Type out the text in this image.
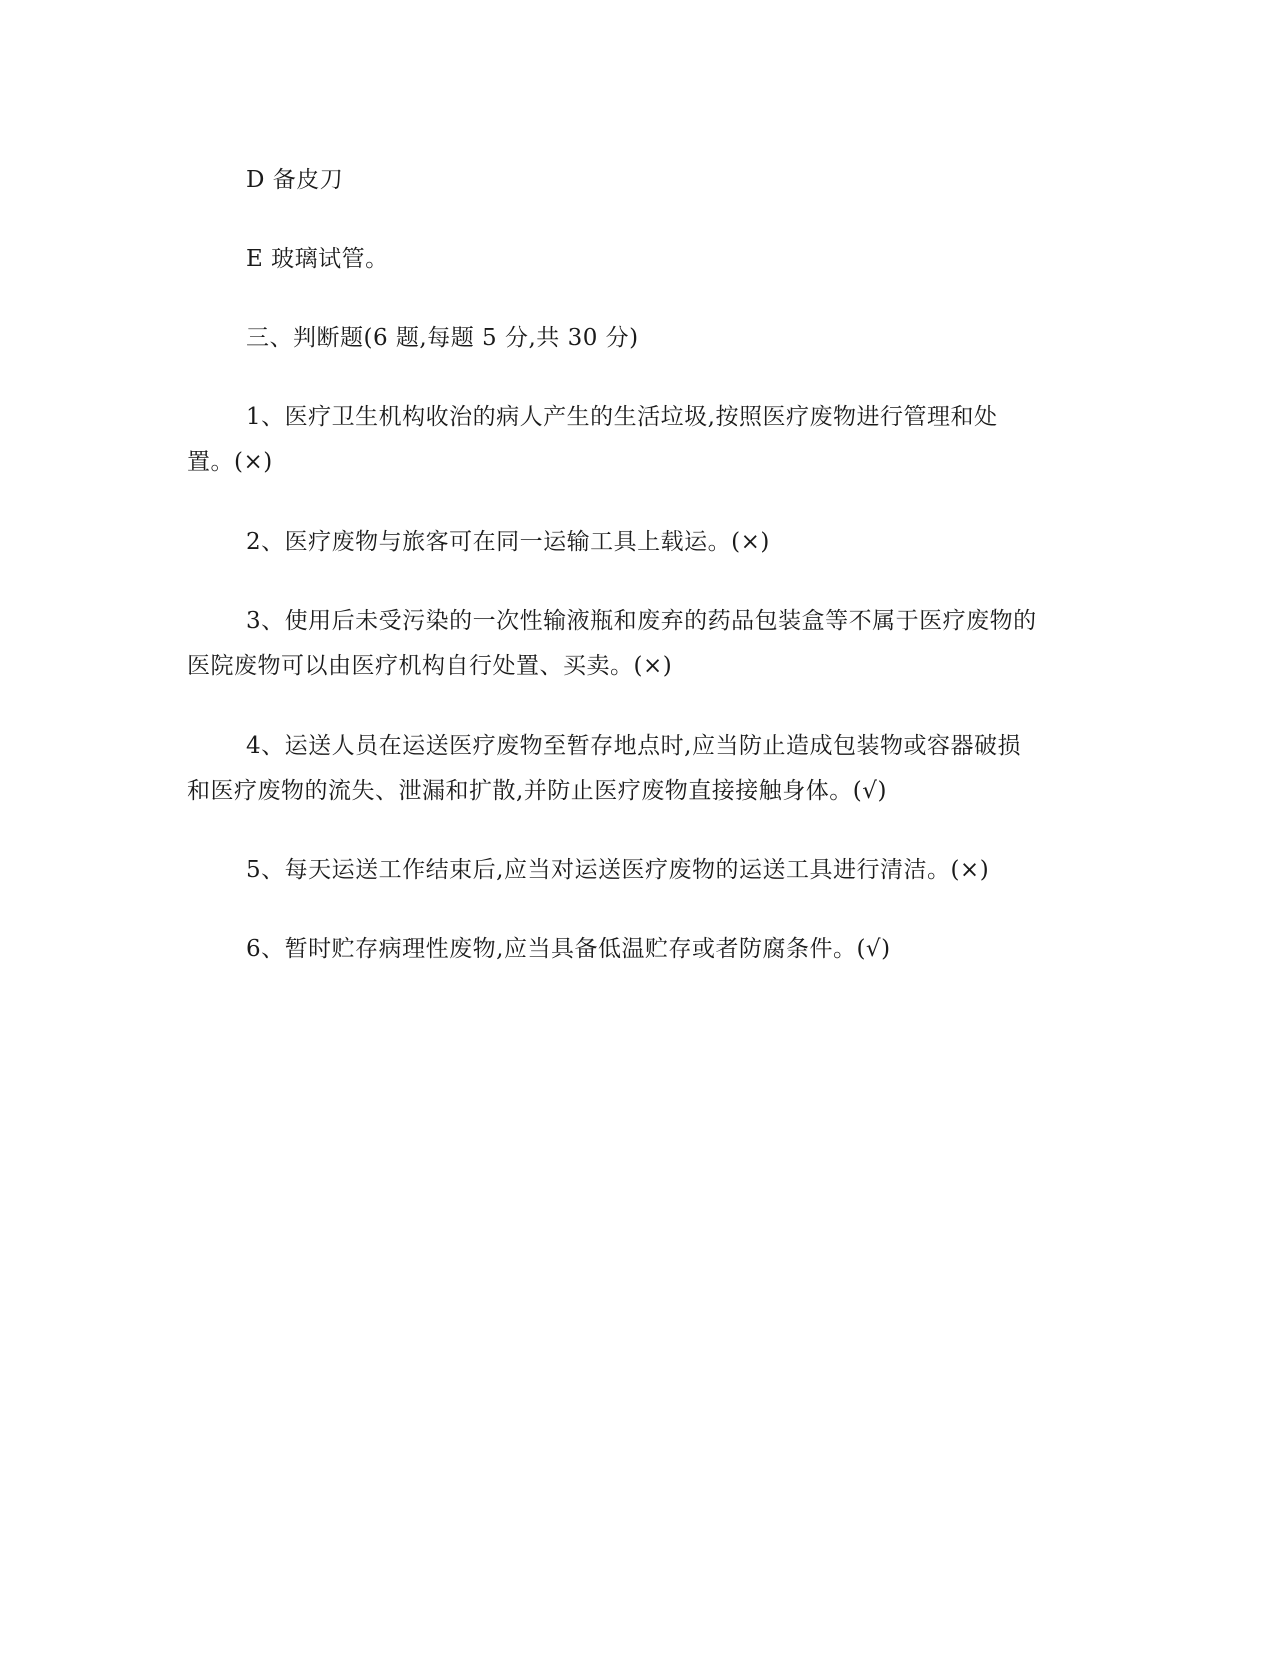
D 备皮刀
E 玻璃试管。
三、判断题(6 题,每题 5 分,共 30 分)
1、医疗卫生机构收治的病人产生的生活垃圾,按照医疗废物进行管理和处
置。(×)
2、医疗废物与旅客可在同一运输工具上载运。(×)
3、使用后未受污染的一次性输液瓶和废弃的药品包装盒等不属于医疗废物的
医院废物可以由医疗机构自行处置、买卖。(×)
4、运送人员在运送医疗废物至暂存地点时,应当防止造成包装物或容器破损
和医疗废物的流失、泄漏和扩散,并防止医疗废物直接接触身体。(√)
5、每天运送工作结束后,应当对运送医疗废物的运送工具进行清洁。(×)
6、暂时贮存病理性废物,应当具备低温贮存或者防腐条件。(√)
